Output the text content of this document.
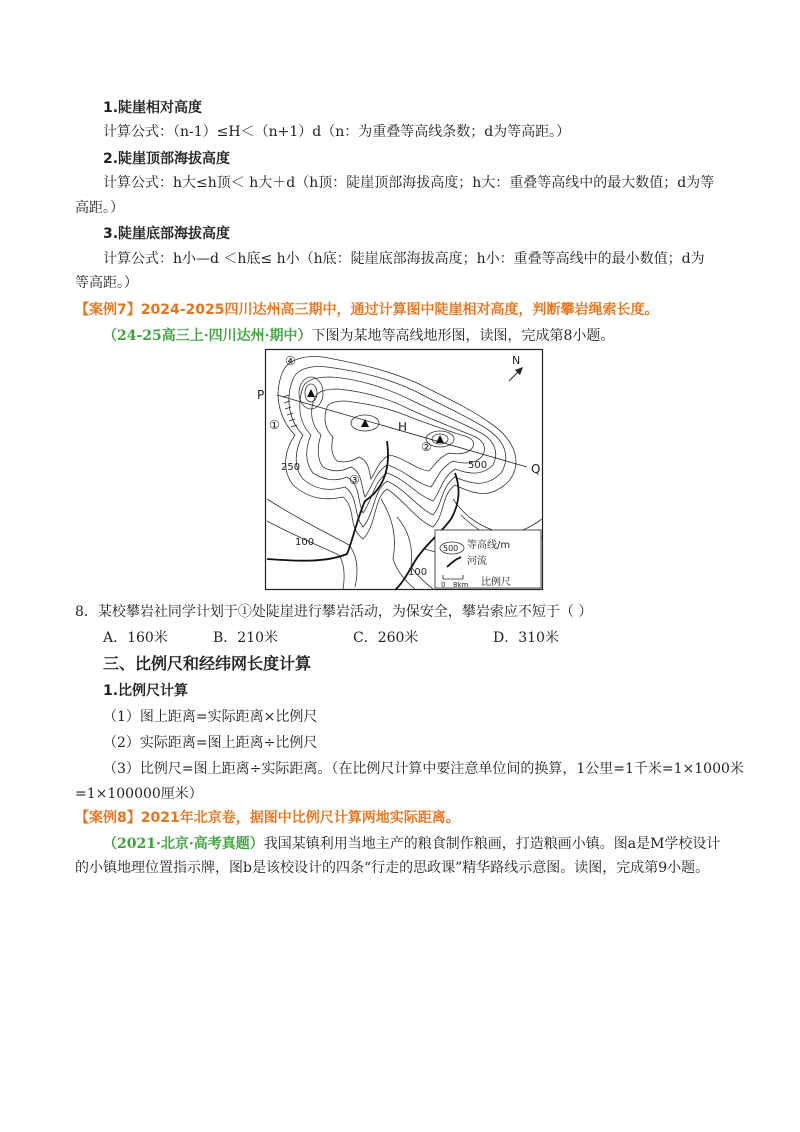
1.陡崖相对高度
计算公式：（n-1）≤H＜（n+1）d（n：为重叠等高线条数；d为等高距。）
2.陡崖顶部海拔高度
计算公式：h大≤h顶＜ h大＋d（h顶：陡崖顶部海拔高度；h大：重叠等高线中的最大数值；d为等
高距。）
3.陡崖底部海拔高度
计算公式：h小—d ＜h底≤ h小（h底：陡崖底部海拔高度；h小：重叠等高线中的最小数值；d为
等高距。）
【案例7】2024-2025四川达州高三期中，通过计算图中陡崖相对高度，判断攀岩绳索长度。
（24-25高三上·四川达州·期中）下图为某地等高线地形图，读图，完成第8小题。
N
④
①
②
③
P
Q
H
250	500
100
100
500 等高线/m
河流
0 8km 比例尺
8．某校攀岩社同学计划于①处陡崖进行攀岩活动，为保安全，攀岩索应不短于（ ）
A．160米	B．210米	C．260米	D．310米
三、比例尺和经纬网长度计算
1.比例尺计算
（1）图上距离=实际距离×比例尺
（2）实际距离=图上距离÷比例尺
（3）比例尺=图上距离÷实际距离。（在比例尺计算中要注意单位间的换算，1公里=1千米=1×1000米
=1×100000厘米）
【案例8】2021年北京卷，据图中比例尺计算两地实际距离。
（2021·北京·高考真题）我国某镇利用当地主产的粮食制作粮画，打造粮画小镇。图a是M学校设计
的小镇地理位置指示牌，图b是该校设计的四条“行走的思政课”精华路线示意图。读图，完成第9小题。
